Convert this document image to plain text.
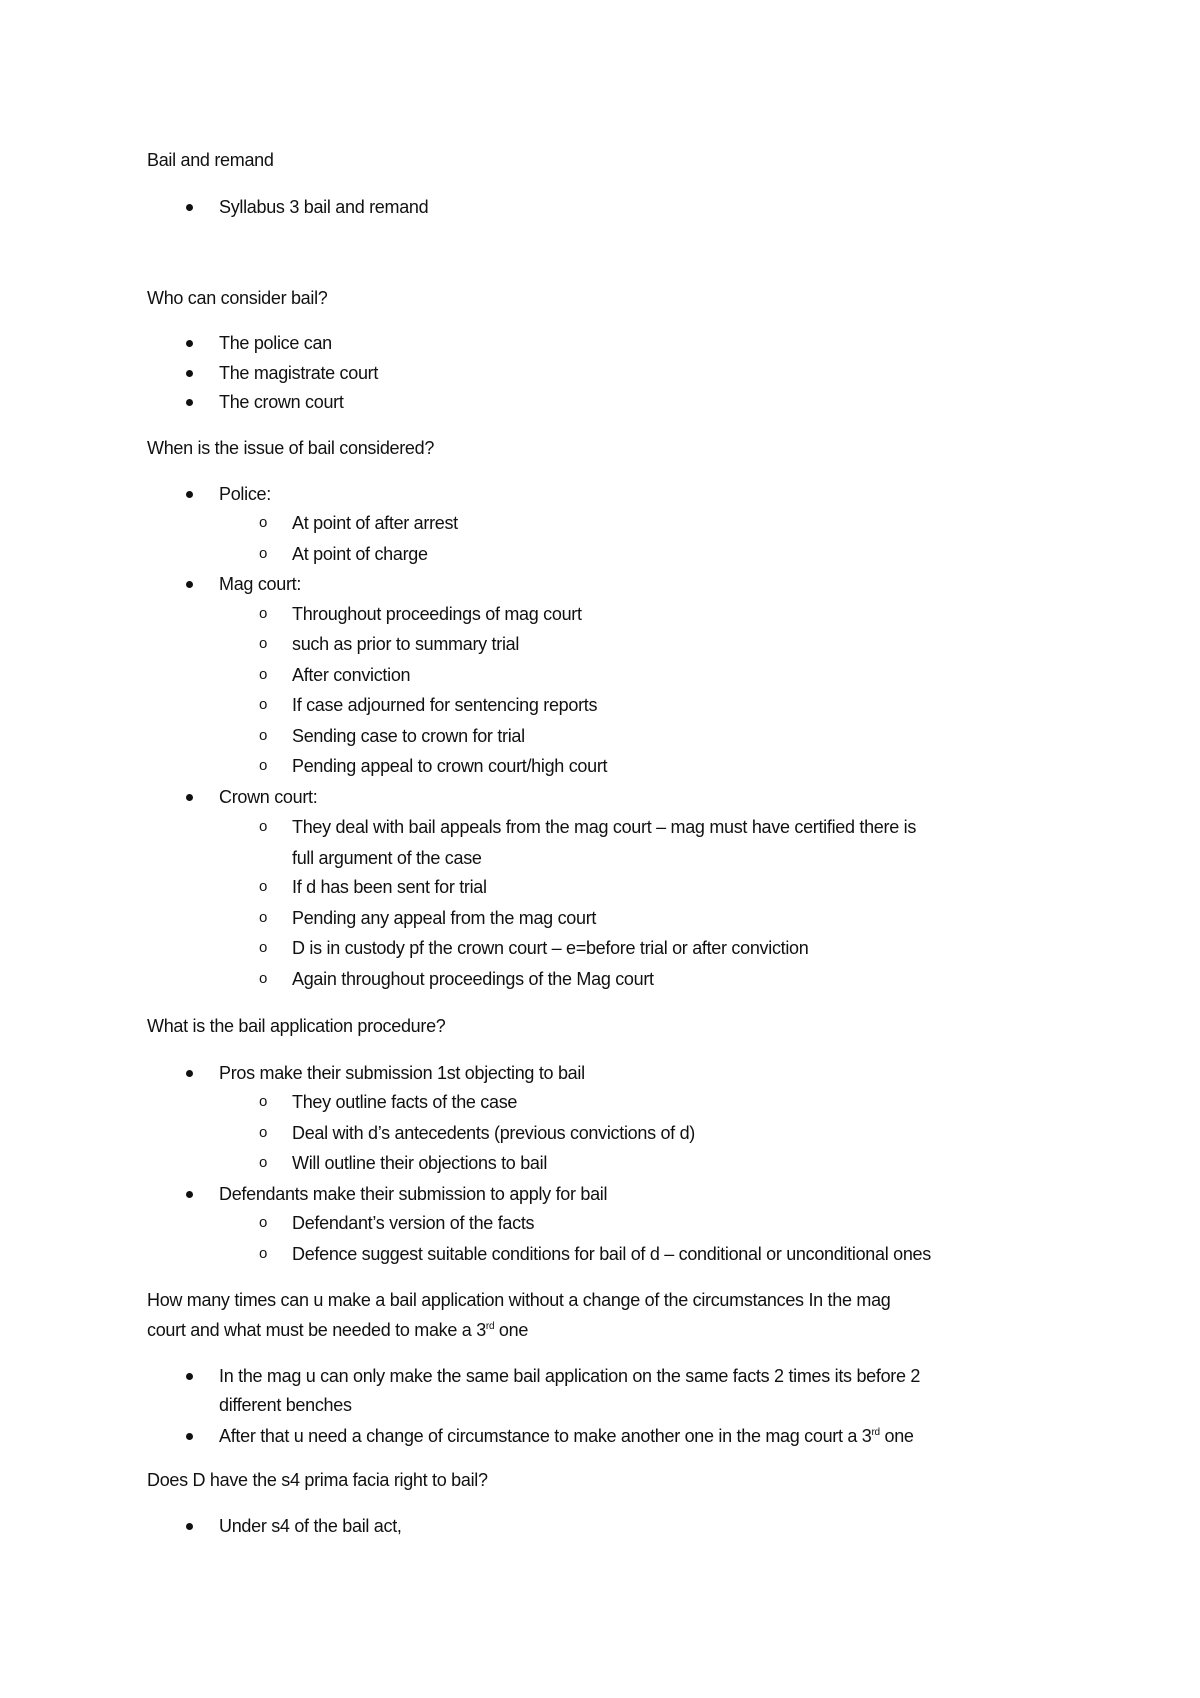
Bail and remand
Syllabus 3 bail and remand
Who can consider bail?
The police can
The magistrate court
The crown court
When is the issue of bail considered?
Police:
o At point of after arrest
o At point of charge
Mag court:
o Throughout proceedings of mag court
o such as prior to summary trial
o After conviction
o If case adjourned for sentencing reports
o Sending case to crown for trial
o Pending appeal to crown court/high court
Crown court:
o They deal with bail appeals from the mag court – mag must have certified there is
full argument of the case
o If d has been sent for trial
o Pending any appeal from the mag court
o D is in custody pf the crown court – e=before trial or after conviction
o Again throughout proceedings of the Mag court
What is the bail application procedure?
Pros make their submission 1st objecting to bail
o They outline facts of the case
o Deal with d’s antecedents (previous convictions of d)
o Will outline their objections to bail
Defendants make their submission to apply for bail
o Defendant’s version of the facts
o Defence suggest suitable conditions for bail of d – conditional or unconditional ones
How many times can u make a bail application without a change of the circumstances In the mag
court and what must be needed to make a 3rd one
In the mag u can only make the same bail application on the same facts 2 times its before 2
different benches
After that u need a change of circumstance to make another one in the mag court a 3rd one
Does D have the s4 prima facia right to bail?
Under s4 of the bail act,
